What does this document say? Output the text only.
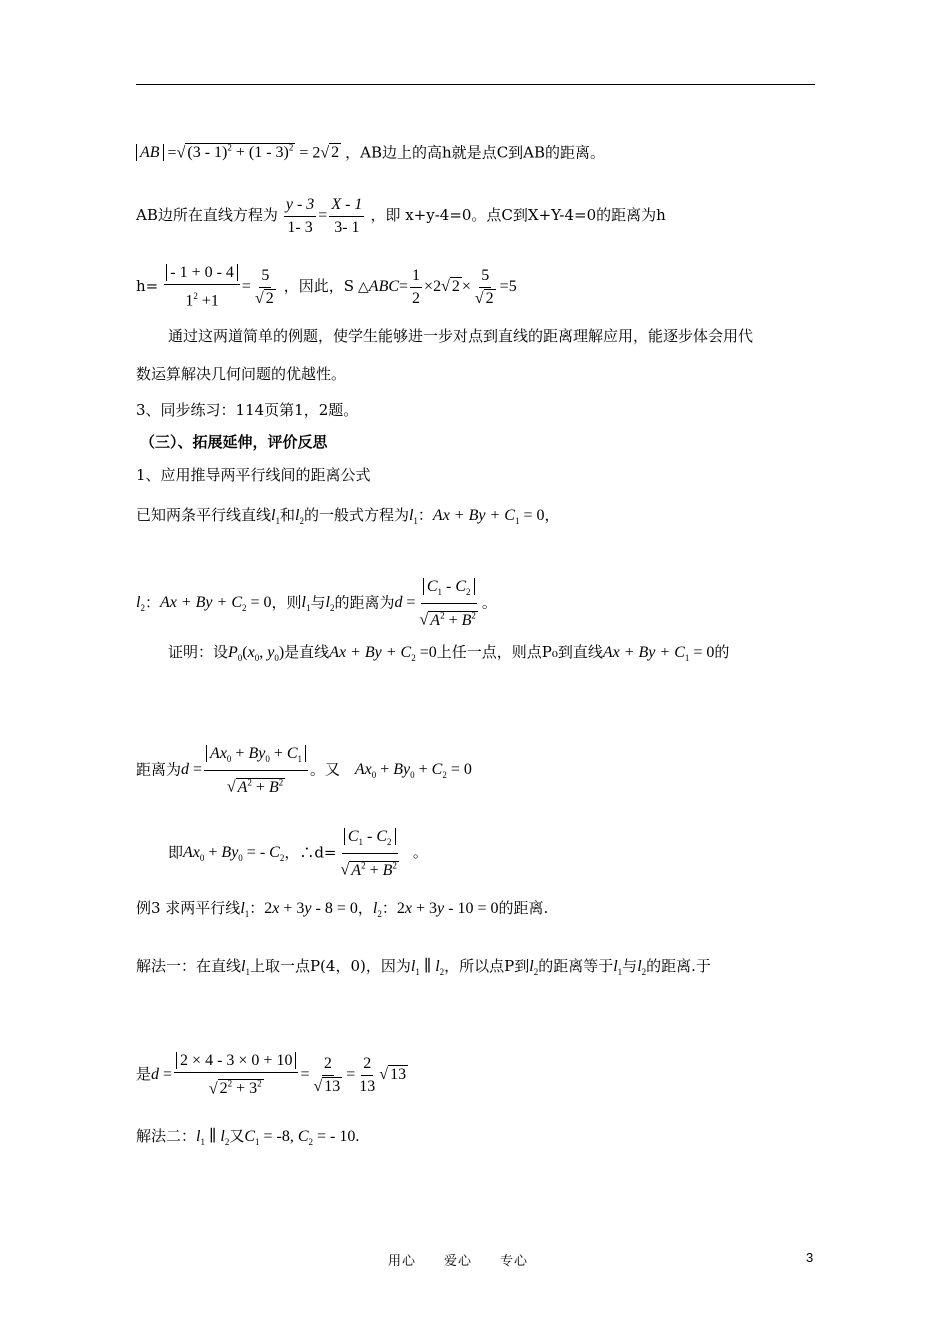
AB =√ (3 - 1)$^2$ + (1 - 3)$^2$ = 2√ 2 ，AB边上的高h就是点C到AB的距离。
AB边所在直线方程为 $\frac{y - 3}{1- 3} = \frac{X - 1}{3- 1}$ ，即 x+y-4=0。点C到X+Y-4=0的距离为h
$h= \frac{- 1 + 0 - 4}{1^2 +1} = \frac{5}{√ 2}$ ，因此，S △ABC= $\frac{1}{2} \times 2√$ $2 \times \frac{5}{√ 2} =5$
通过这两道简单的例题，使学生能够进一步对点到直线的距离理解应用，能逐步体会用代
数运算解决几何问题的优越性。
3、同步练习：114页第1，2题。
（三）、拓展延伸，评价反思
1、应用推导两平行线间的距离公式
已知两条平行线直线$l_1$和$l_2$的一般式方程为$l_1$：$Ax + By + C_1 = 0$，
$l_2$：$Ax + By + C_2 = 0$，则$l_1$与$l_2$的距离为$d = \frac{C_1 - C_2}{√ A^2 + B^2}$ 。
证明：设$P_0(x_0$, $y_0$)是直线$Ax + By + C_2 =0$上任一点，则点P₀到直线$Ax + By + C_1 = 0$的
距离为$d = \frac{Ax_0 + By_0 + C_1}{√ A^2 + B^2}$ 。又 $Ax_0 + By_0 + C_2 = 0$
即$Ax_0 + By_0$ = - $C_2$，∴d= $\frac{C_1 - C_2}{√ A^2 + B^2}$ 。
例3 求两平行线$l_1$：2x + 3y - 8 = 0，$l_2$：2x + 3y - 10 = 0的距离.
解法一：在直线$l_1$上取一点P(4，0)，因为$l_1$ ∥ $l_2$，所以点P到$l_2$的距离等于$l_1$与$l_2$的距离.于
是$d = \frac{2 \times 4 - 3 \times 0 + 10}{√ 2^2 + 3^2} = \frac{2}{√ 13} = \frac{2}{13}$ √ 13
解法二：$l_1$ ∥ $l_2$又$C_1 = -8$, $C_2$ = - 10.
用心　　爱心　　专心	3
